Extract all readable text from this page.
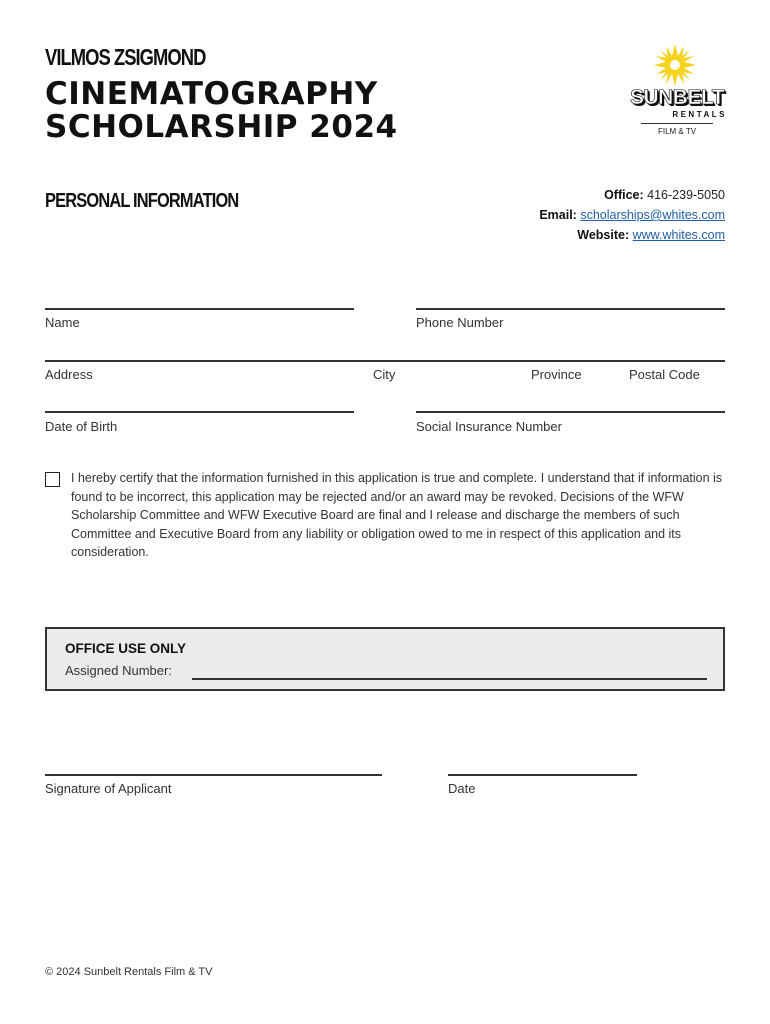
VILMOS ZSIGMOND
CINEMATOGRAPHY
SCHOLARSHIP 2024
SUNBELT
RENTALS
FILM & TV
PERSONAL INFORMATION	Office: 416-239-5050
Email: scholarships@whites.com
Website: www.whites.com
Name	Phone Number
Address	City	Province	Postal Code
Date of Birth	Social Insurance Number
I hereby certify that the information furnished in this application is true and complete. I understand that if information is found to be incorrect, this application may be rejected and/or an award may be revoked. Decisions of the WFW Scholarship Committee and WFW Executive Board are final and I release and discharge the members of such Committee and Executive Board from any liability or obligation owed to me in respect of this application and its consideration.
OFFICE USE ONLY
Assigned Number:
Signature of Applicant	Date
© 2024 Sunbelt Rentals Film & TV
